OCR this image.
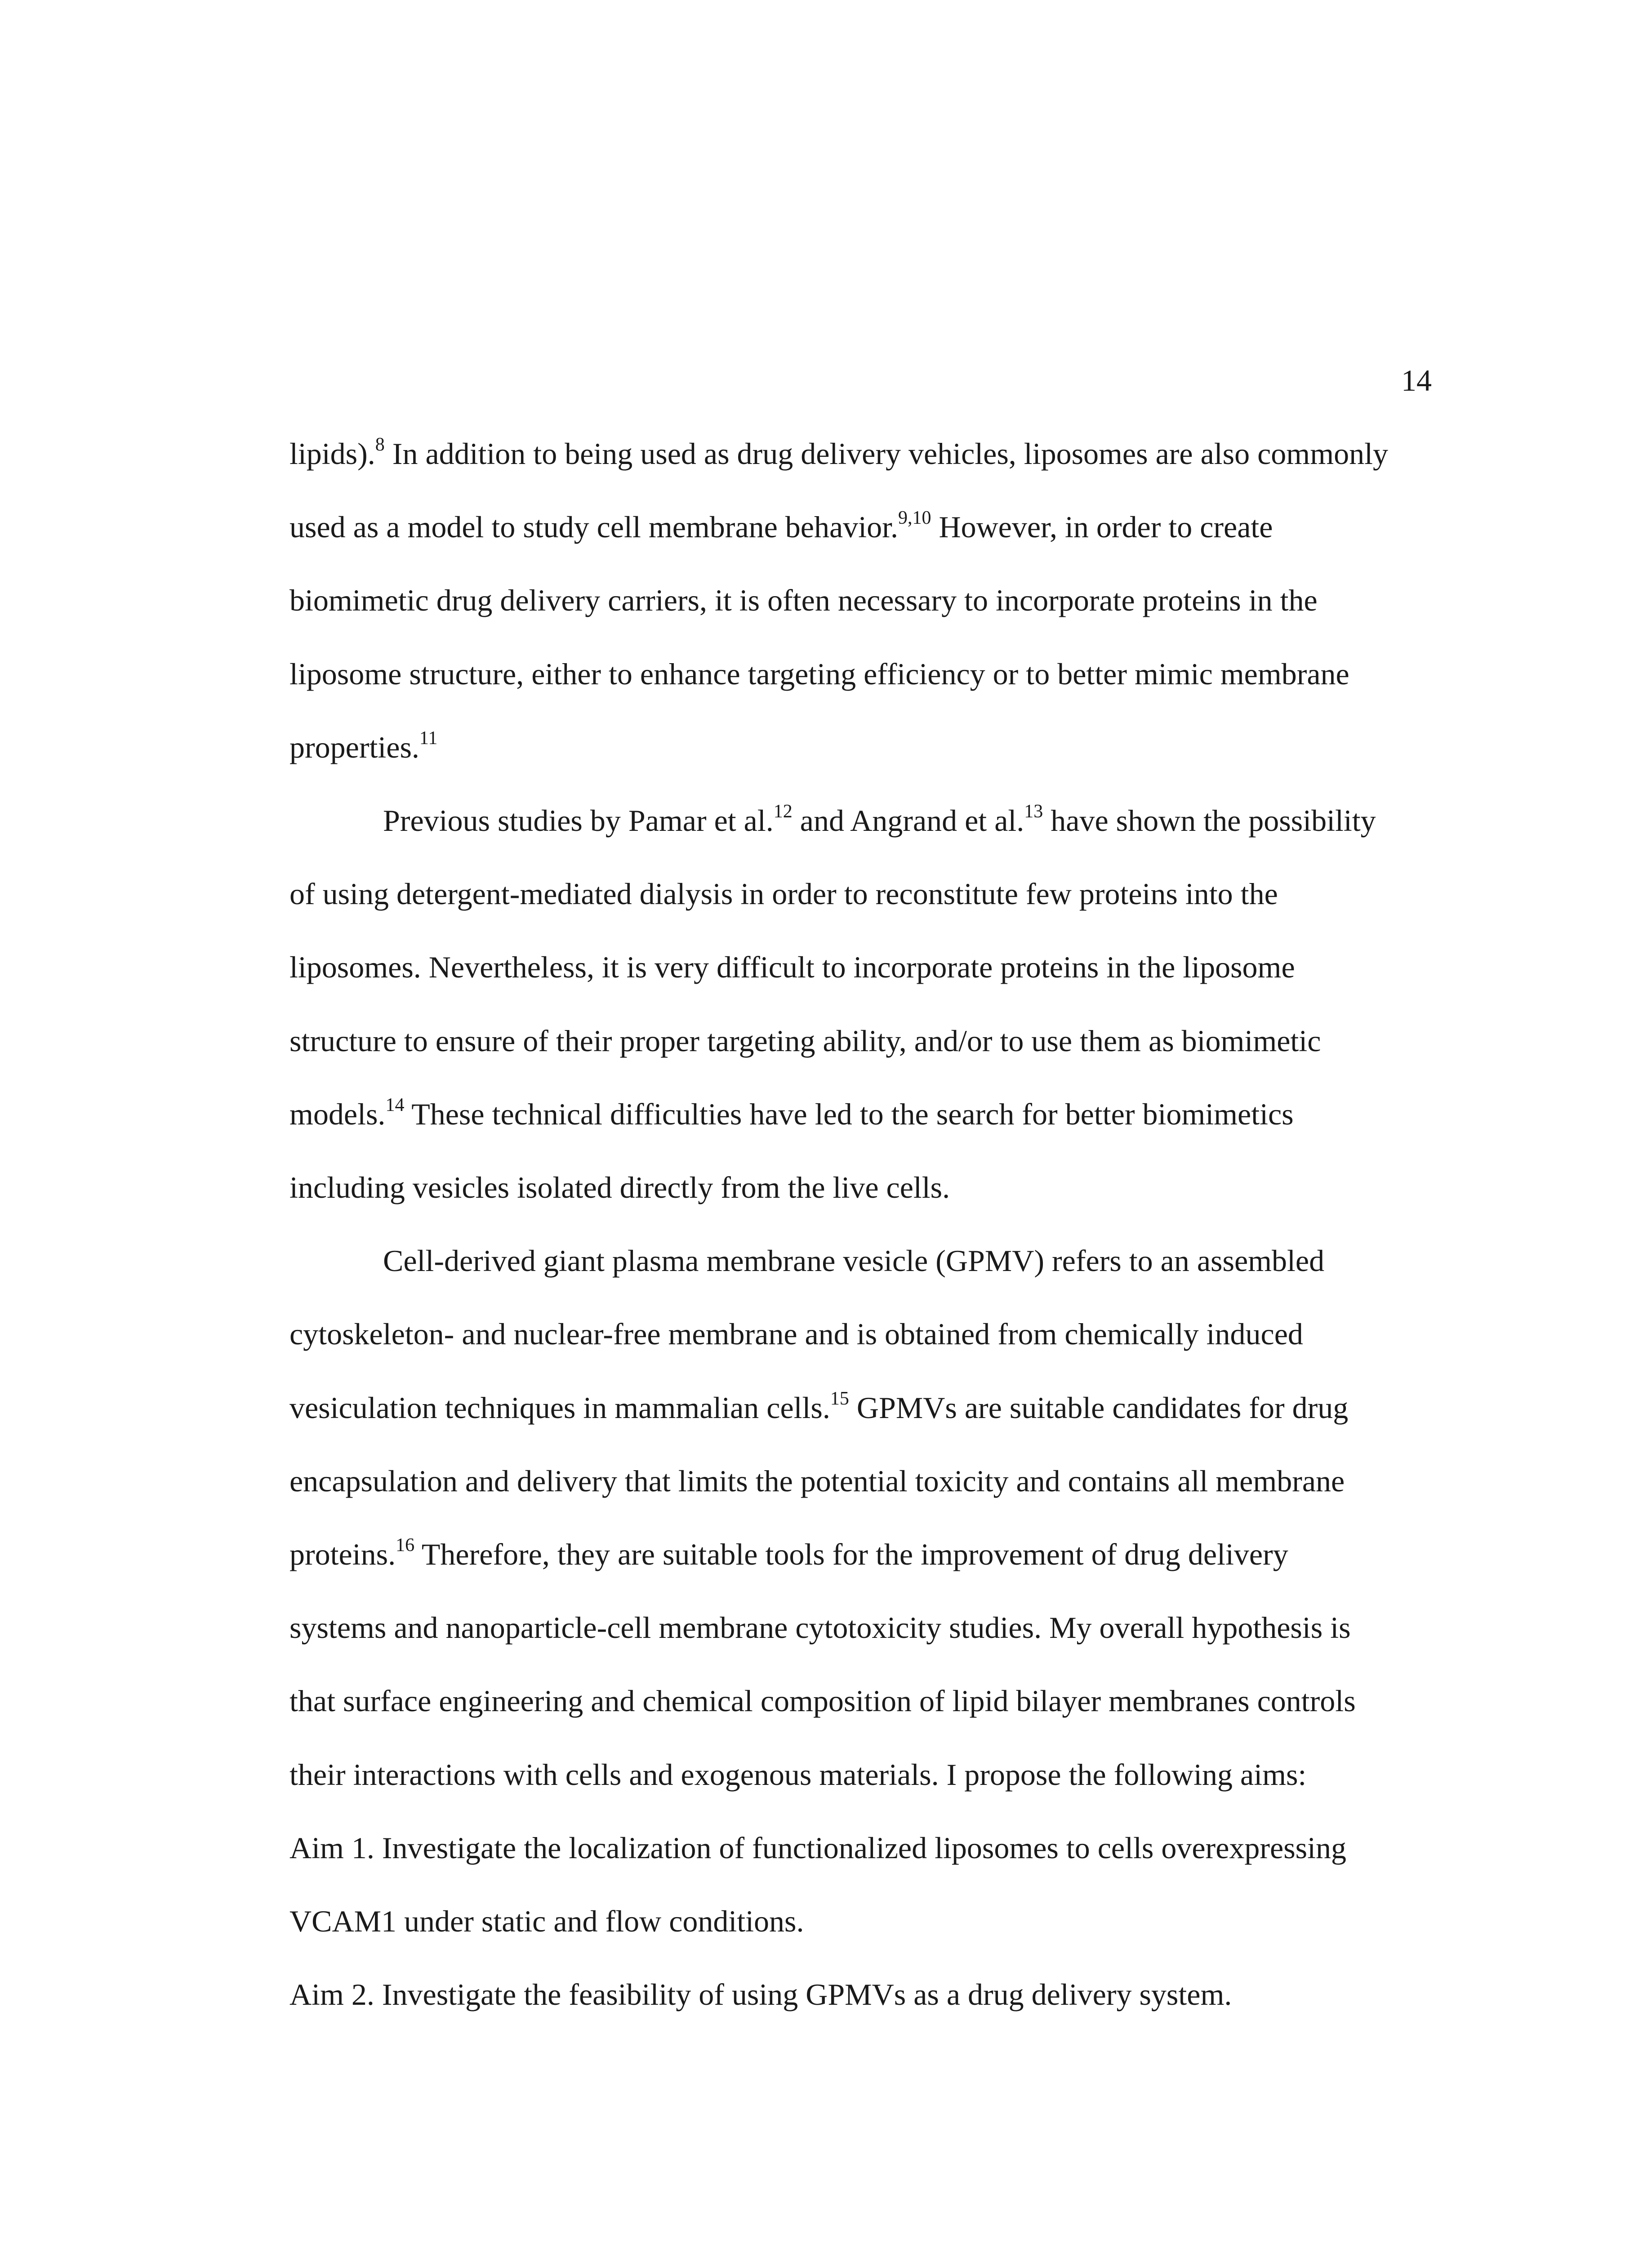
14
lipids).$^8$ In addition to being used as drug delivery vehicles, liposomes are also commonly
used as a model to study cell membrane behavior.$^{9,10}$ However, in order to create
biomimetic drug delivery carriers, it is often necessary to incorporate proteins in the
liposome structure, either to enhance targeting efficiency or to better mimic membrane
properties.$^{11}$
Previous studies by Pamar et al.$^{12}$ and Angrand et al.$^{13}$ have shown the possibility
of using detergent-mediated dialysis in order to reconstitute few proteins into the
liposomes. Nevertheless, it is very difficult to incorporate proteins in the liposome
structure to ensure of their proper targeting ability, and/or to use them as biomimetic
models.$^{14}$ These technical difficulties have led to the search for better biomimetics
including vesicles isolated directly from the live cells.
Cell-derived giant plasma membrane vesicle (GPMV) refers to an assembled
cytoskeleton- and nuclear-free membrane and is obtained from chemically induced
vesiculation techniques in mammalian cells.$^{15}$ GPMVs are suitable candidates for drug
encapsulation and delivery that limits the potential toxicity and contains all membrane
proteins.$^{16}$ Therefore, they are suitable tools for the improvement of drug delivery
systems and nanoparticle-cell membrane cytotoxicity studies. My overall hypothesis is
that surface engineering and chemical composition of lipid bilayer membranes controls
their interactions with cells and exogenous materials. I propose the following aims:
Aim 1. Investigate the localization of functionalized liposomes to cells overexpressing
VCAM1 under static and flow conditions.
Aim 2. Investigate the feasibility of using GPMVs as a drug delivery system.
